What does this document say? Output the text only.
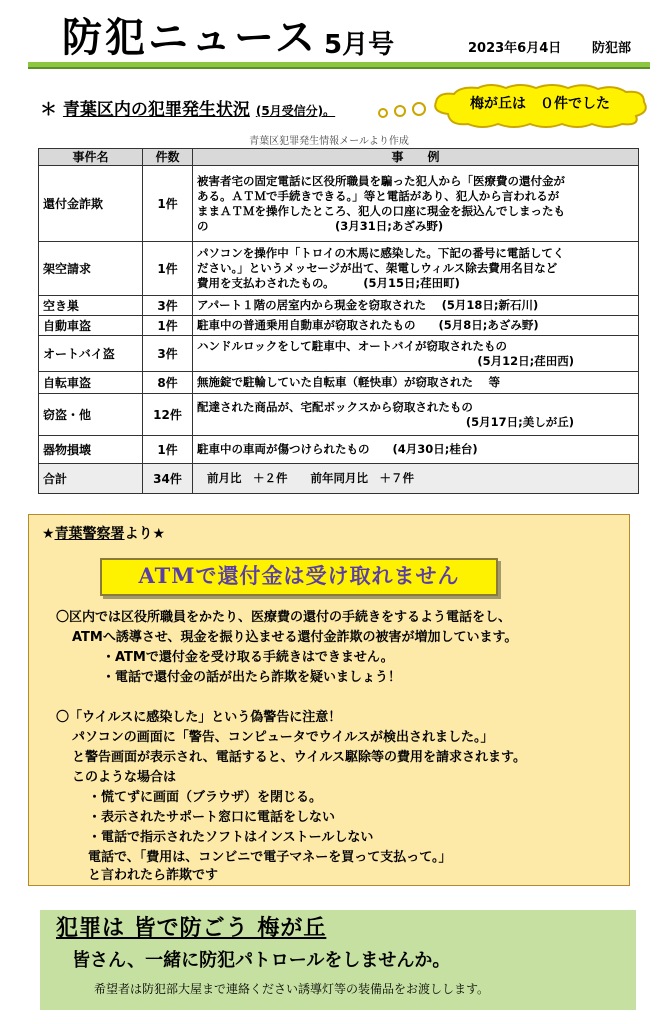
防犯ニュース 5月号	2023年6月4日 防犯部
＊ 青葉区内の犯罪発生状況 (5月受信分)。	梅が丘は　０件でした
青葉区犯罪発生情報メールより作成
事件名	件数	事　　例
還付金詐欺	1件	被害者宅の固定電話に区役所職員を騙った犯人から「医療費の還付金が
ある。ＡＴＭで手続きできる。」等と電話があり、犯人から言われるが
ままＡＴＭを操作したところ、犯人の口座に現金を振込んでしまったも
の　　　　　　　　　　　(3月31日;あざみ野)

架空請求	1件	パソコンを操作中「トロイの木馬に感染した。下記の番号に電話してく
ださい。」というメッセージが出て、架電しウィルス除去費用名目など
費用を支払わされたもの。　　　(5月15日;荏田町)

空き巣	3件	アパート１階の居室内から現金を窃取された　 (5月18日;新石川)

自動車盗	1件	駐車中の普通乗用自動車が窃取されたもの　　(5月8日;あざみ野)

オートバイ盗	3件	ハンドルロックをして駐車中、オートバイが窃取されたもの
(5月12日;荏田西)

自転車盗	8件	無施錠で駐輪していた自転車（軽快車）が窃取された　 等

窃盗・他	12件	配達された商品が、宅配ボックスから窃取されたもの
(5月17日;美しが丘)

器物損壊	1件	駐車中の車両が傷つけられたもの　　(4月30日;桂台)

合計	34件	前月比　＋２件　　前年同月比　＋７件
★青葉警察署より★
ATMで還付金は受け取れません
〇区内では区役所職員をかたり、医療費の還付の手続きをするよう電話をし、
ATMへ誘導させ、現金を振り込ませる還付金詐欺の被害が増加しています。
・ATMで還付金を受け取る手続きはできません。
・電話で還付金の話が出たら詐欺を疑いましょう！
〇「ウイルスに感染した」という偽警告に注意！
パソコンの画面に「警告、コンピュータでウイルスが検出されました。」
と警告画面が表示され、電話すると、ウイルス駆除等の費用を請求されます。
このような場合は
・慌てずに画面（ブラウザ）を閉じる。
・表示されたサポート窓口に電話をしない
・電話で指示されたソフトはインストールしない
電話で、「費用は、コンビニで電子マネーを買って支払って。」
と言われたら詐欺です
犯罪は 皆で防ごう 梅が丘
皆さん、一緒に防犯パトロールをしませんか。
希望者は防犯部大屋まで連絡ください誘導灯等の装備品をお渡しします。
